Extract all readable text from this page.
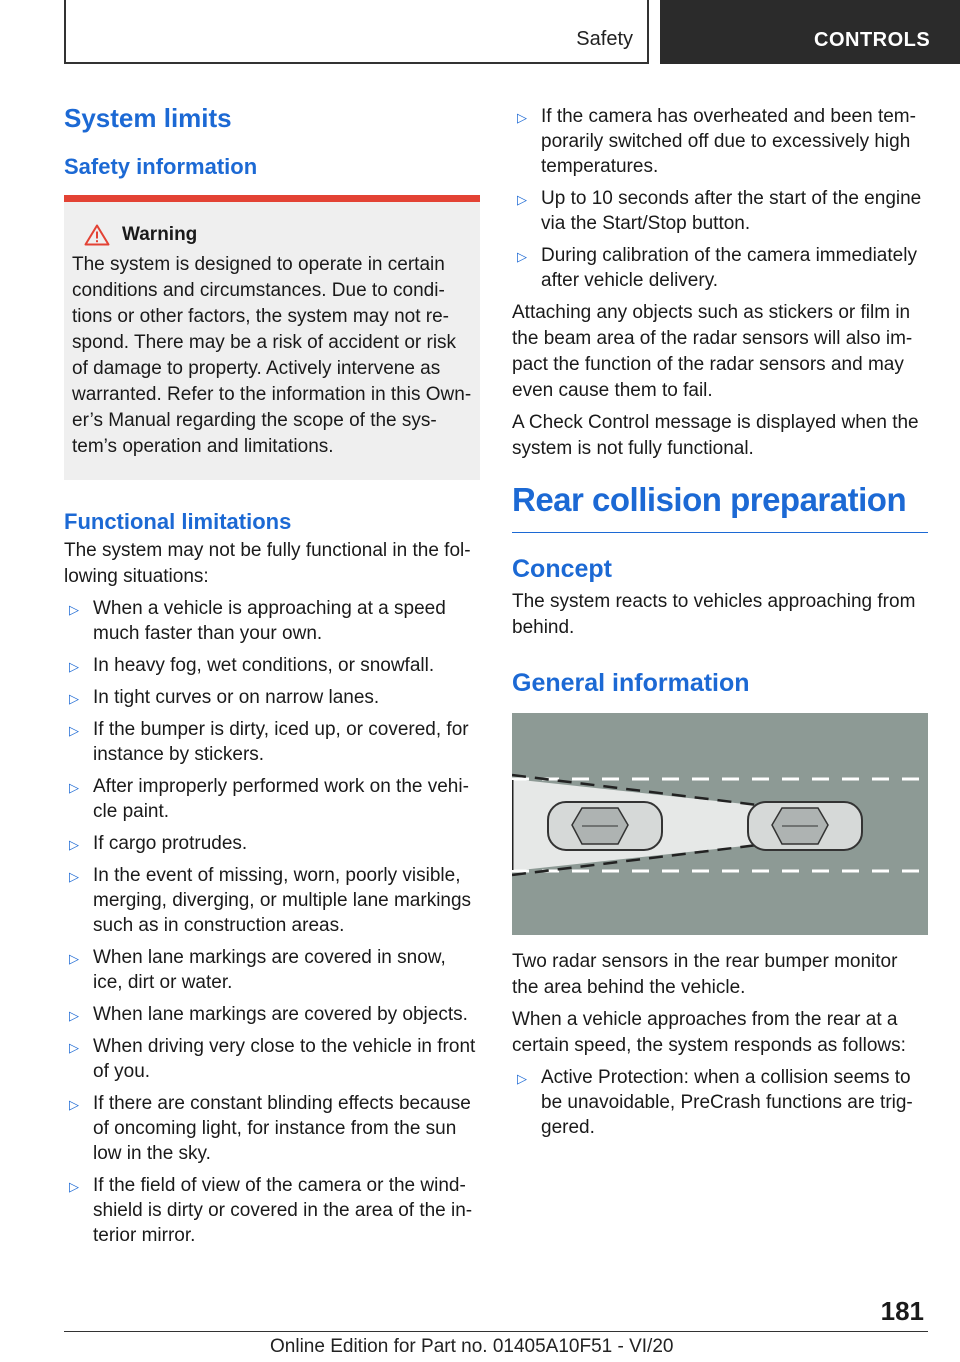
Safety	CONTROLS
System limits
Safety information
Warning

The system is designed to operate in certain conditions and circumstances. Due to condi‐tions or other factors, the system may not re‐spond. There may be a risk of accident or risk of damage to property. Actively intervene as warranted. Refer to the information in this Own‐er’s Manual regarding the scope of the sys‐tem’s operation and limitations.

Functional limitations

The system may not be fully functional in the fol‐lowing situations:

▷ When a vehicle is approaching at a speed much faster than your own.
▷ In heavy fog, wet conditions, or snowfall.
▷ In tight curves or on narrow lanes.
▷ If the bumper is dirty, iced up, or covered, for instance by stickers.
▷ After improperly performed work on the vehi‐cle paint.
▷ If cargo protrudes.
▷ In the event of missing, worn, poorly visible, merging, diverging, or multiple lane markings such as in construction areas.
▷ When lane markings are covered in snow, ice, dirt or water.
▷ When lane markings are covered by objects.
▷ When driving very close to the vehicle in front of you.
▷ If there are constant blinding effects because of oncoming light, for instance from the sun low in the sky.
▷ If the field of view of the camera or the wind‐shield is dirty or covered in the area of the in‐terior mirror.
▷ If the camera has overheated and been tem‐porarily switched off due to excessively high temperatures.
▷ Up to 10 seconds after the start of the engine via the Start/Stop button.
▷ During calibration of the camera immediately after vehicle delivery.

Attaching any objects such as stickers or film in the beam area of the radar sensors will also im‐pact the function of the radar sensors and may even cause them to fail.

A Check Control message is displayed when the system is not fully functional.

Rear collision preparation
Concept

The system reacts to vehicles approaching from behind.

General information

Two radar sensors in the rear bumper monitor the area behind the vehicle.

When a vehicle approaches from the rear at a certain speed, the system responds as follows:

▷ Active Protection: when a collision seems to be unavoidable, PreCrash functions are trig‐gered.
181
Online Edition for Part no. 01405A10F51 - VI/20
